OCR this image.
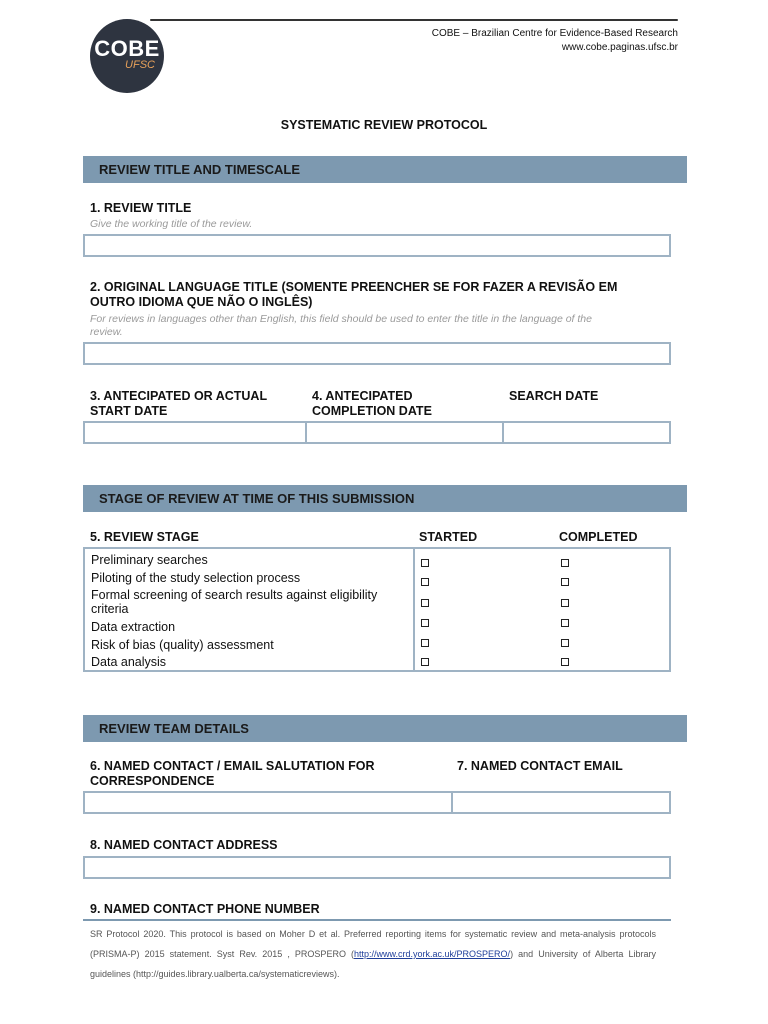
COBE
UFSC
COBE – Brazilian Centre for Evidence-Based Research
www.cobe.paginas.ufsc.br
SYSTEMATIC REVIEW PROTOCOL
REVIEW TITLE AND TIMESCALE
1. REVIEW TITLE
Give the working title of the review.
2. ORIGINAL LANGUAGE TITLE (SOMENTE PREENCHER SE FOR FAZER A REVISÃO EM
OUTRO IDIOMA QUE NÃO O INGLÊS)
For reviews in languages other than English, this field should be used to enter the title in the language of the
review.
3. ANTECIPATED OR ACTUAL
START DATE
4. ANTECIPATED
COMPLETION DATE
SEARCH DATE
STAGE OF REVIEW AT TIME OF THIS SUBMISSION
5. REVIEW STAGE	STARTED	COMPLETED
Preliminary searches
Piloting of the study selection process
Formal screening of search results against eligibility
criteria
Data extraction
Risk of bias (quality) assessment
Data analysis
REVIEW TEAM DETAILS
6. NAMED CONTACT / EMAIL SALUTATION FOR
CORRESPONDENCE
7. NAMED CONTACT EMAIL
8. NAMED CONTACT ADDRESS
9. NAMED CONTACT PHONE NUMBER
SR Protocol 2020. This protocol is based on Moher D et al. Preferred reporting items for systematic review and meta-analysis protocols (PRISMA-P) 2015 statement. Syst Rev. 2015 , PROSPERO (http://www.crd.york.ac.uk/PROSPERO/) and University of Alberta Library guidelines (http://guides.library.ualberta.ca/systematicreviews).
